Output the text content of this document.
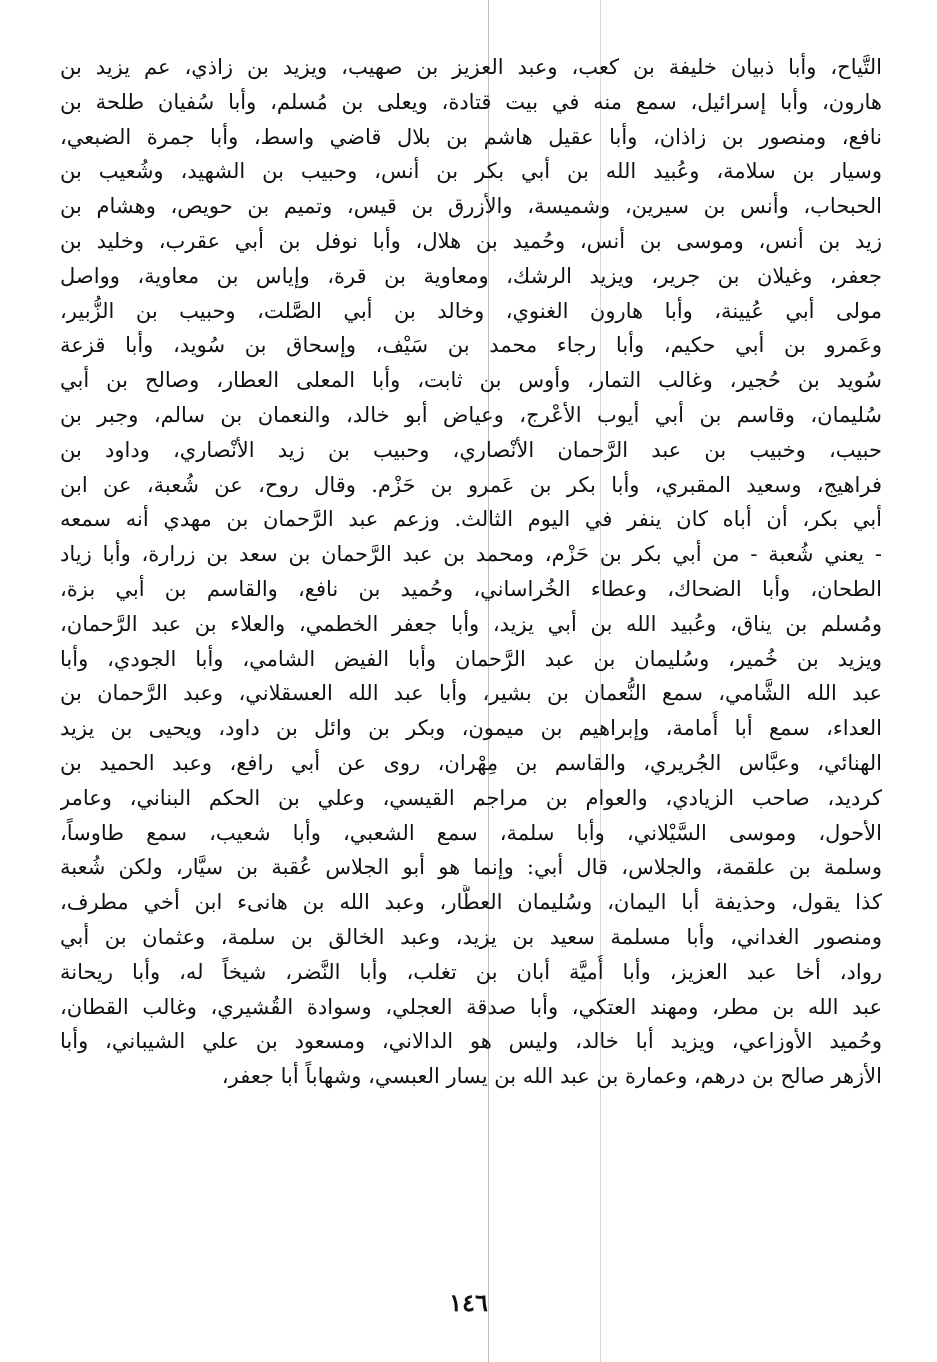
التَّياح، وأبا ذبيان خليفة بن كعب، وعبد العزيز بن صهيب، ويزيد بن زاذي، عم يزيد بن
هارون، وأبا إسرائيل، سمع منه في بيت قتادة، ويعلى بن مُسلم، وأبا سُفيان طلحة بن
نافع، ومنصور بن زاذان، وأبا عقيل هاشم بن بلال قاضي واسط، وأبا جمرة الضبعي،
وسيار بن سلامة، وعُبيد الله بن أبي بكر بن أنس، وحبيب بن الشهيد، وشُعيب بن
الحبحاب، وأنس بن سيرين، وشميسة، والأزرق بن قيس، وتميم بن حويص، وهشام بن
زيد بن أنس، وموسى بن أنس، وحُميد بن هلال، وأبا نوفل بن أبي عقرب، وخليد بن
جعفر، وغيلان بن جرير، ويزيد الرشك، ومعاوية بن قرة، وإياس بن معاوية، وواصل
مولى أبي عُيينة، وأبا هارون الغنوي، وخالد بن أبي الصَّلت، وحبيب بن الزُّبير،
وعَمرو بن أبي حكيم، وأبا رجاء محمد بن سَيْف، وإسحاق بن سُويد، وأبا قزعة
سُويد بن حُجير، وغالب التمار، وأوس بن ثابت، وأبا المعلى العطار، وصالح بن أبي
سُليمان، وقاسم بن أبي أيوب الأعْرج، وعياض أبو خالد، والنعمان بن سالم، وجبر بن
حبيب، وخبيب بن عبد الرَّحمان الأنْصاري، وحبيب بن زيد الأنْصاري، وداود بن
فراهيج، وسعيد المقبري، وأبا بكر بن عَمرو بن حَزْم. وقال روح، عن شُعبة، عن ابن
أبي بكر، أن أباه كان ينفر في اليوم الثالث. وزعم عبد الرَّحمان بن مهدي أنه سمعه
- يعني شُعبة - من أبي بكر بن حَزْم، ومحمد بن عبد الرَّحمان بن سعد بن زرارة، وأبا زياد
الطحان، وأبا الضحاك، وعطاء الخُراساني، وحُميد بن نافع، والقاسم بن أبي بزة،
ومُسلم بن يناق، وعُبيد الله بن أبي يزيد، وأبا جعفر الخطمي، والعلاء بن عبد الرَّحمان،
ويزيد بن خُمير، وسُليمان بن عبد الرَّحمان وأبا الفيض الشامي، وأبا الجودي، وأبا
عبد الله الشَّامي، سمع النُّعمان بن بشير، وأبا عبد الله العسقلاني، وعبد الرَّحمان بن
العداء، سمع أبا أُمامة، وإبراهيم بن ميمون، وبكر بن وائل بن داود، ويحيى بن يزيد
الهنائي، وعبَّاس الجُريري، والقاسم بن مِهْران، روى عن أبي رافع، وعبد الحميد بن
كرديد، صاحب الزيادي، والعوام بن مراجم القيسي، وعلي بن الحكم البناني، وعامر
الأحول، وموسى السَّيْلاني، وأبا سلمة، سمع الشعبي، وأبا شعيب، سمع طاوساً،
وسلمة بن علقمة، والجلاس، قال أبي: وإنما هو أبو الجلاس عُقبة بن سيَّار، ولكن شُعبة
كذا يقول، وحذيفة أبا اليمان، وسُليمان العطَّار، وعبد الله بن هانىء ابن أخي مطرف،
ومنصور الغداني، وأبا مسلمة سعيد بن يزيد، وعبد الخالق بن سلمة، وعثمان بن أبي
رواد، أخا عبد العزيز، وأبا أُميَّة أبان بن تغلب، وأبا النَّضر، شيخاً له، وأبا ريحانة
عبد الله بن مطر، ومهند العتكي، وأبا صدقة العجلي، وسوادة القُشيري، وغالب القطان،
وحُميد الأوزاعي، ويزيد أبا خالد، وليس هو الدالاني، ومسعود بن علي الشيباني، وأبا
الأزهر صالح بن درهم، وعمارة بن عبد الله بن يسار العبسي، وشهاباً أبا جعفر،
١٤٦
